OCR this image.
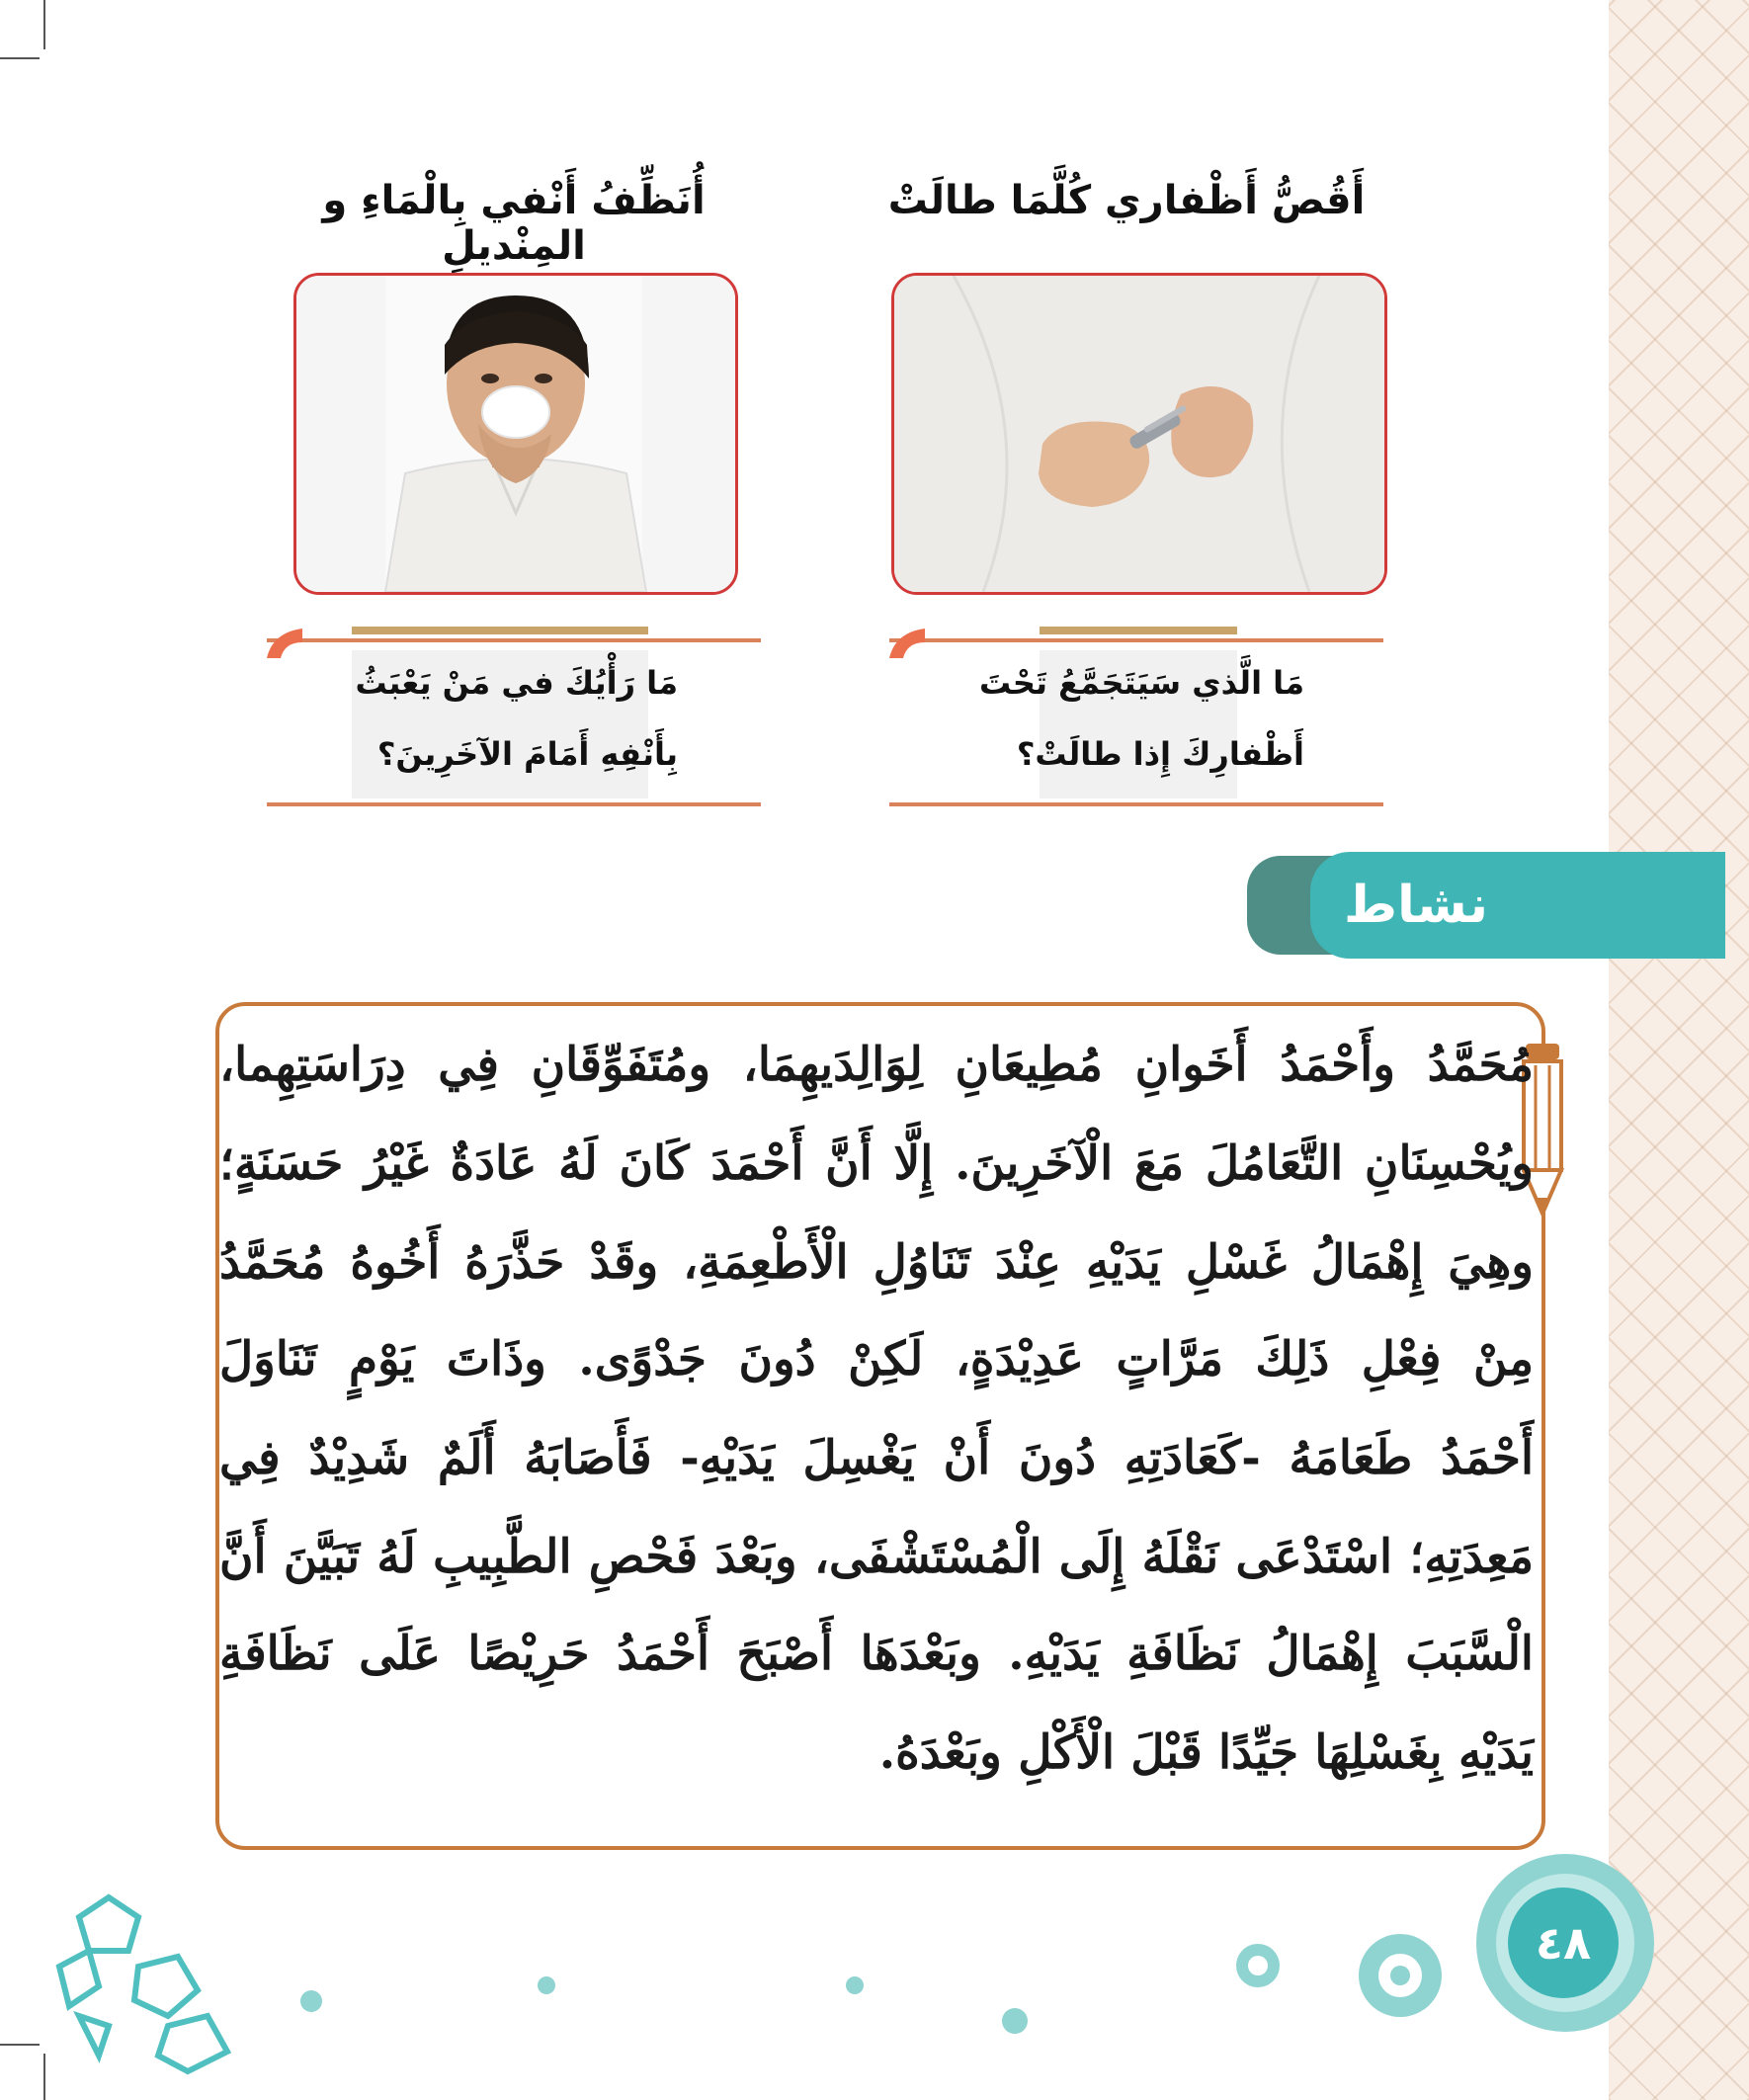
أُنَظِّفُ أَنْفي بِالْمَاءِ و المِنْديلِ
أَقُصُّ أَظْفاري كُلَّمَا طالَتْ
مَا رَأْيُكَ في مَنْ يَعْبَثُ
بِأَنْفِهِ أَمَامَ الآخَرِينَ؟
مَا الَّذي سَيَتَجَمَّعُ تَحْتَ
أَظْفارِكَ إِذا طالَتْ؟
نشاط
مُحَمَّدُ وأَحْمَدُ أَخَوانِ مُطِيعَانِ لِوَالِدَيهِمَا، ومُتَفَوِّقَانِ فِي دِرَاسَتِهِما،
ويُحْسِنَانِ التَّعَامُلَ مَعَ الْآخَرِينَ. إِلَّا أَنَّ أَحْمَدَ كَانَ لَهُ عَادَةٌ غَيْرُ حَسَنَةٍ؛
وهِيَ إِهْمَالُ غَسْلِ يَدَيْهِ عِنْدَ تَنَاوُلِ الْأَطْعِمَةِ، وقَدْ حَذَّرَهُ أَخُوهُ مُحَمَّدُ
مِنْ فِعْلِ ذَلِكَ مَرَّاتٍ عَدِيْدَةٍ، لَكِنْ دُونَ جَدْوًى. وذَاتَ يَوْمٍ تَنَاوَلَ
أَحْمَدُ طَعَامَهُ -كَعَادَتِهِ دُونَ أَنْ يَغْسِلَ يَدَيْهِ- فَأَصَابَهُ أَلَمٌ شَدِيْدٌ فِي
مَعِدَتِهِ؛ اسْتَدْعَى نَقْلَهُ إِلَى الْمُسْتَشْفَى، وبَعْدَ فَحْصِ الطَّبِيبِ لَهُ تَبَيَّنَ أَنَّ
الْسَّبَبَ إِهْمَالُ نَظَافَةِ يَدَيْهِ. وبَعْدَهَا أَصْبَحَ أَحْمَدُ حَرِيْصًا عَلَى نَظَافَةِ
يَدَيْهِ بِغَسْلِهَا جَيِّدًا قَبْلَ الْأَكْلِ وبَعْدَهُ.
٤٨
